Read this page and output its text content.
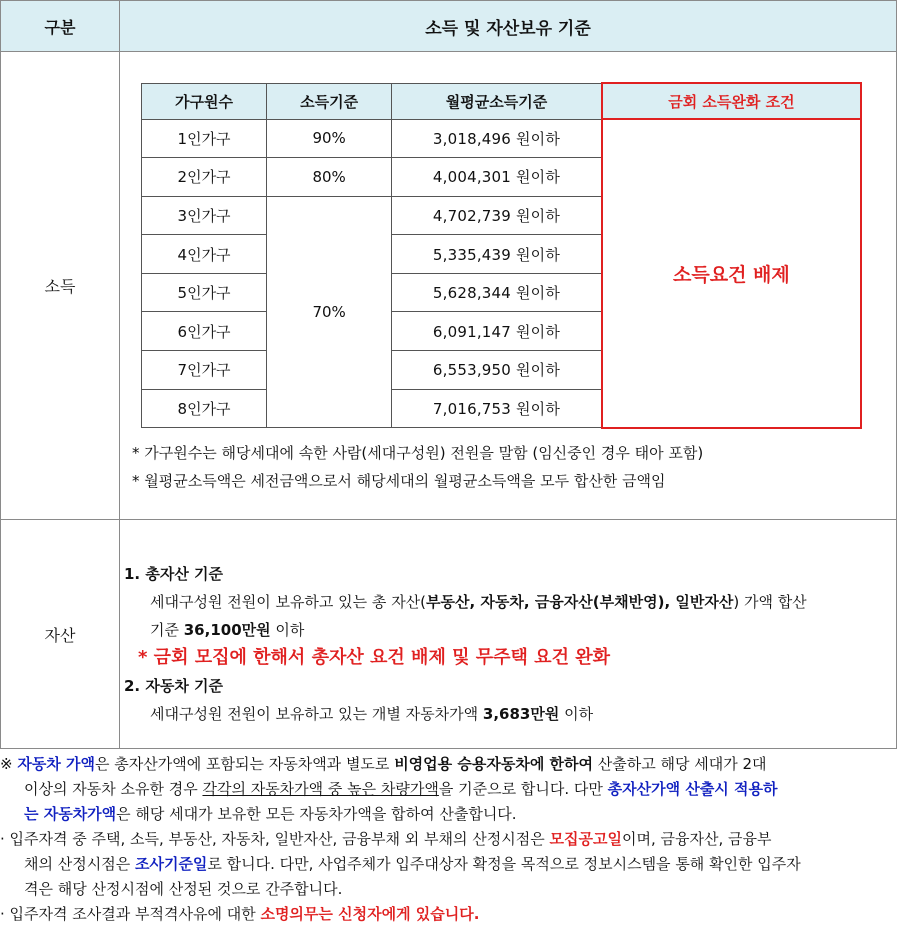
구분	소득 및 자산보유 기준
소득	
가구원수	소득기준	월평균소득기준	금회 소득완화 조건
1인가구	90%	3,018,496 원이하	소득요건 배제
2인가구	80%	4,004,301 원이하
3인가구	70%	4,702,739 원이하
4인가구	5,335,439 원이하
5인가구	5,628,344 원이하
6인가구	6,091,147 원이하
7인가구	6,553,950 원이하
8인가구	7,016,753 원이하
* 가구원수는 해당세대에 속한 사람(세대구성원) 전원을 말함 (임신중인 경우 태아 포함)
* 월평균소득액은 세전금액으로서 해당세대의 월평균소득액을 모두 합산한 금액임

자산	
1. 총자산 기준
세대구성원 전원이 보유하고 있는 총 자산(부동산, 자동차, 금융자산(부채반영), 일반자산) 가액 합산
기준 36,100만원 이하
* 금회 모집에 한해서 총자산 요건 배제 및 무주택 요건 완화
2. 자동차 기준
세대구성원 전원이 보유하고 있는 개별 자동차가액 3,683만원 이하

※ 자동차 가액은 총자산가액에 포함되는 자동차액과 별도로 비영업용 승용자동차에 한하여 산출하고 해당 세대가 2대

이상의 자동차 소유한 경우 각각의 자동차가액 중 높은 차량가액을 기준으로 합니다. 다만 총자산가액 산출시 적용하

는 자동차가액은 해당 세대가 보유한 모든 자동차가액을 합하여 산출합니다.

· 입주자격 중 주택, 소득, 부동산, 자동차, 일반자산, 금융부채 외 부채의 산정시점은 모집공고일이며, 금융자산, 금융부

채의 산정시점은 조사기준일로 합니다. 다만, 사업주체가 입주대상자 확정을 목적으로 정보시스템을 통해 확인한 입주자

격은 해당 산정시점에 산정된 것으로 간주합니다.

· 입주자격 조사결과 부적격사유에 대한 소명의무는 신청자에게 있습니다.
